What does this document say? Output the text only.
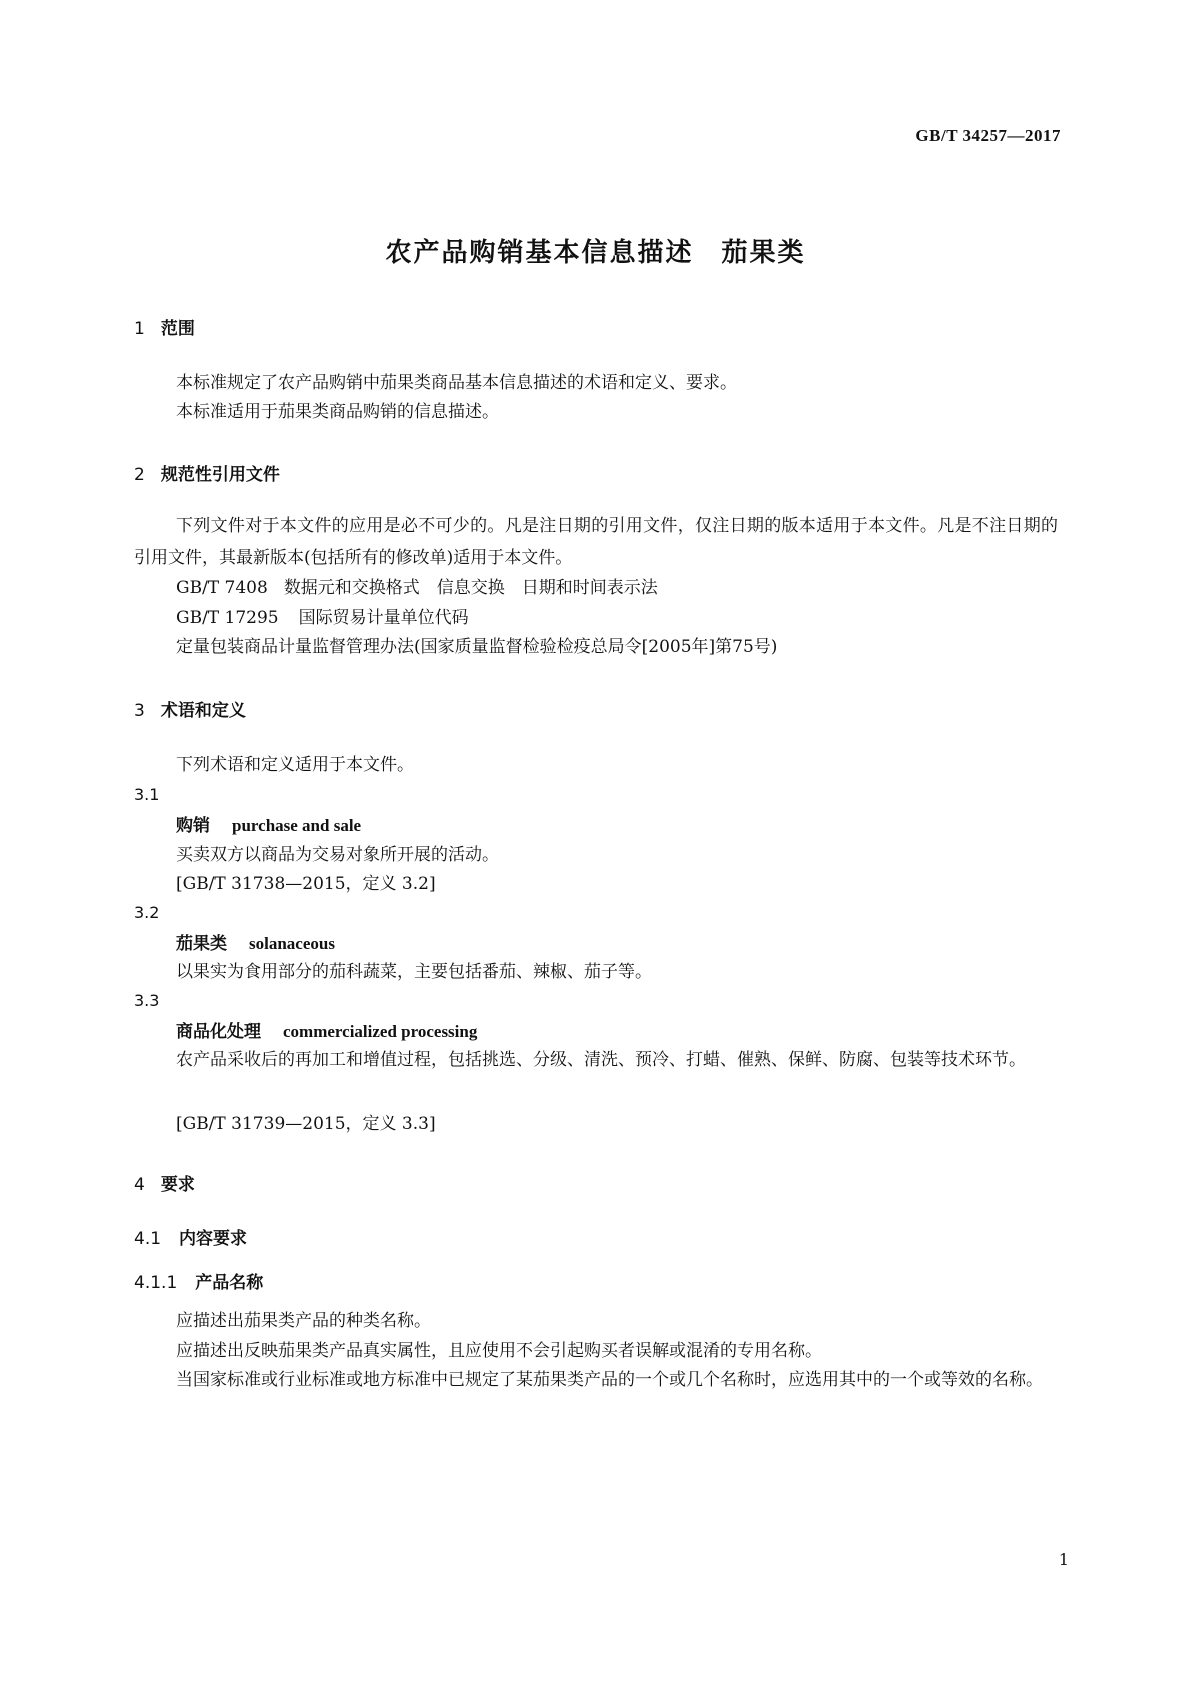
GB/T 34257—2017
农产品购销基本信息描述 茄果类
1 范围
本标准规定了农产品购销中茄果类商品基本信息描述的术语和定义、要求。
本标准适用于茄果类商品购销的信息描述。
2 规范性引用文件
下列文件对于本文件的应用是必不可少的。凡是注日期的引用文件，仅注日期的版本适用于本文件。凡是不注日期的引用文件，其最新版本(包括所有的修改单)适用于本文件。
GB/T 7408 数据元和交换格式　信息交换　日期和时间表示法
GB/T 17295 国际贸易计量单位代码
定量包装商品计量监督管理办法(国家质量监督检验检疫总局令[2005年]第75号)
3 术语和定义
下列术语和定义适用于本文件。
3.1
购销 purchase and sale
买卖双方以商品为交易对象所开展的活动。
[GB/T 31738—2015，定义 3.2]
3.2
茄果类 solanaceous
以果实为食用部分的茄科蔬菜，主要包括番茄、辣椒、茄子等。
3.3
商品化处理 commercialized processing
农产品采收后的再加工和增值过程，包括挑选、分级、清洗、预冷、打蜡、催熟、保鲜、防腐、包装等技术环节。
[GB/T 31739—2015，定义 3.3]
4 要求
4.1 内容要求
4.1.1 产品名称
应描述出茄果类产品的种类名称。
应描述出反映茄果类产品真实属性，且应使用不会引起购买者误解或混淆的专用名称。
当国家标准或行业标准或地方标准中已规定了某茄果类产品的一个或几个名称时，应选用其中的一个或等效的名称。
1
